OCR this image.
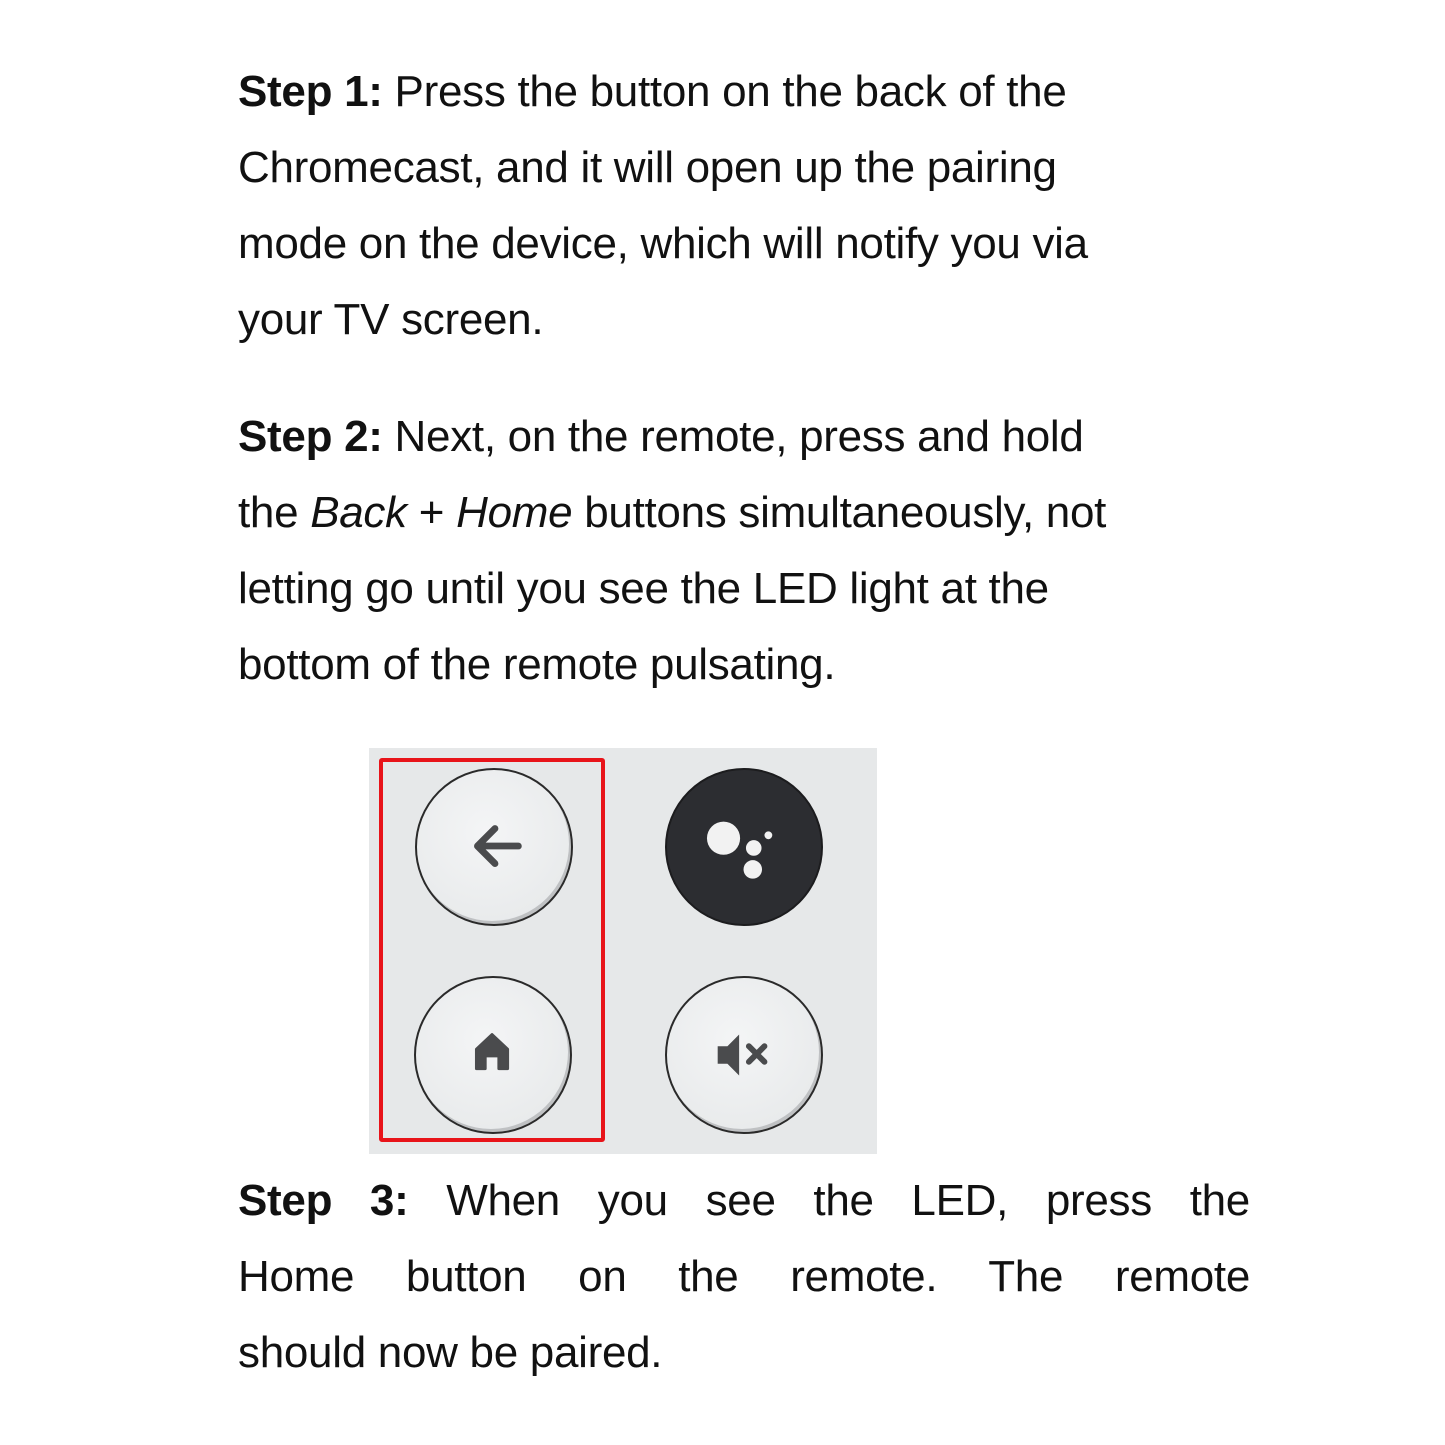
Step 1: Press the button on the back of the
Chromecast, and it will open up the pairing
mode on the device, which will notify you via
your TV screen.
Step 2: Next, on the remote, press and hold
the Back + Home buttons simultaneously, not
letting go until you see the LED light at the
bottom of the remote pulsating.
Step 3: When you see the LED, press the
Home button on the remote. The remote
should now be paired.
